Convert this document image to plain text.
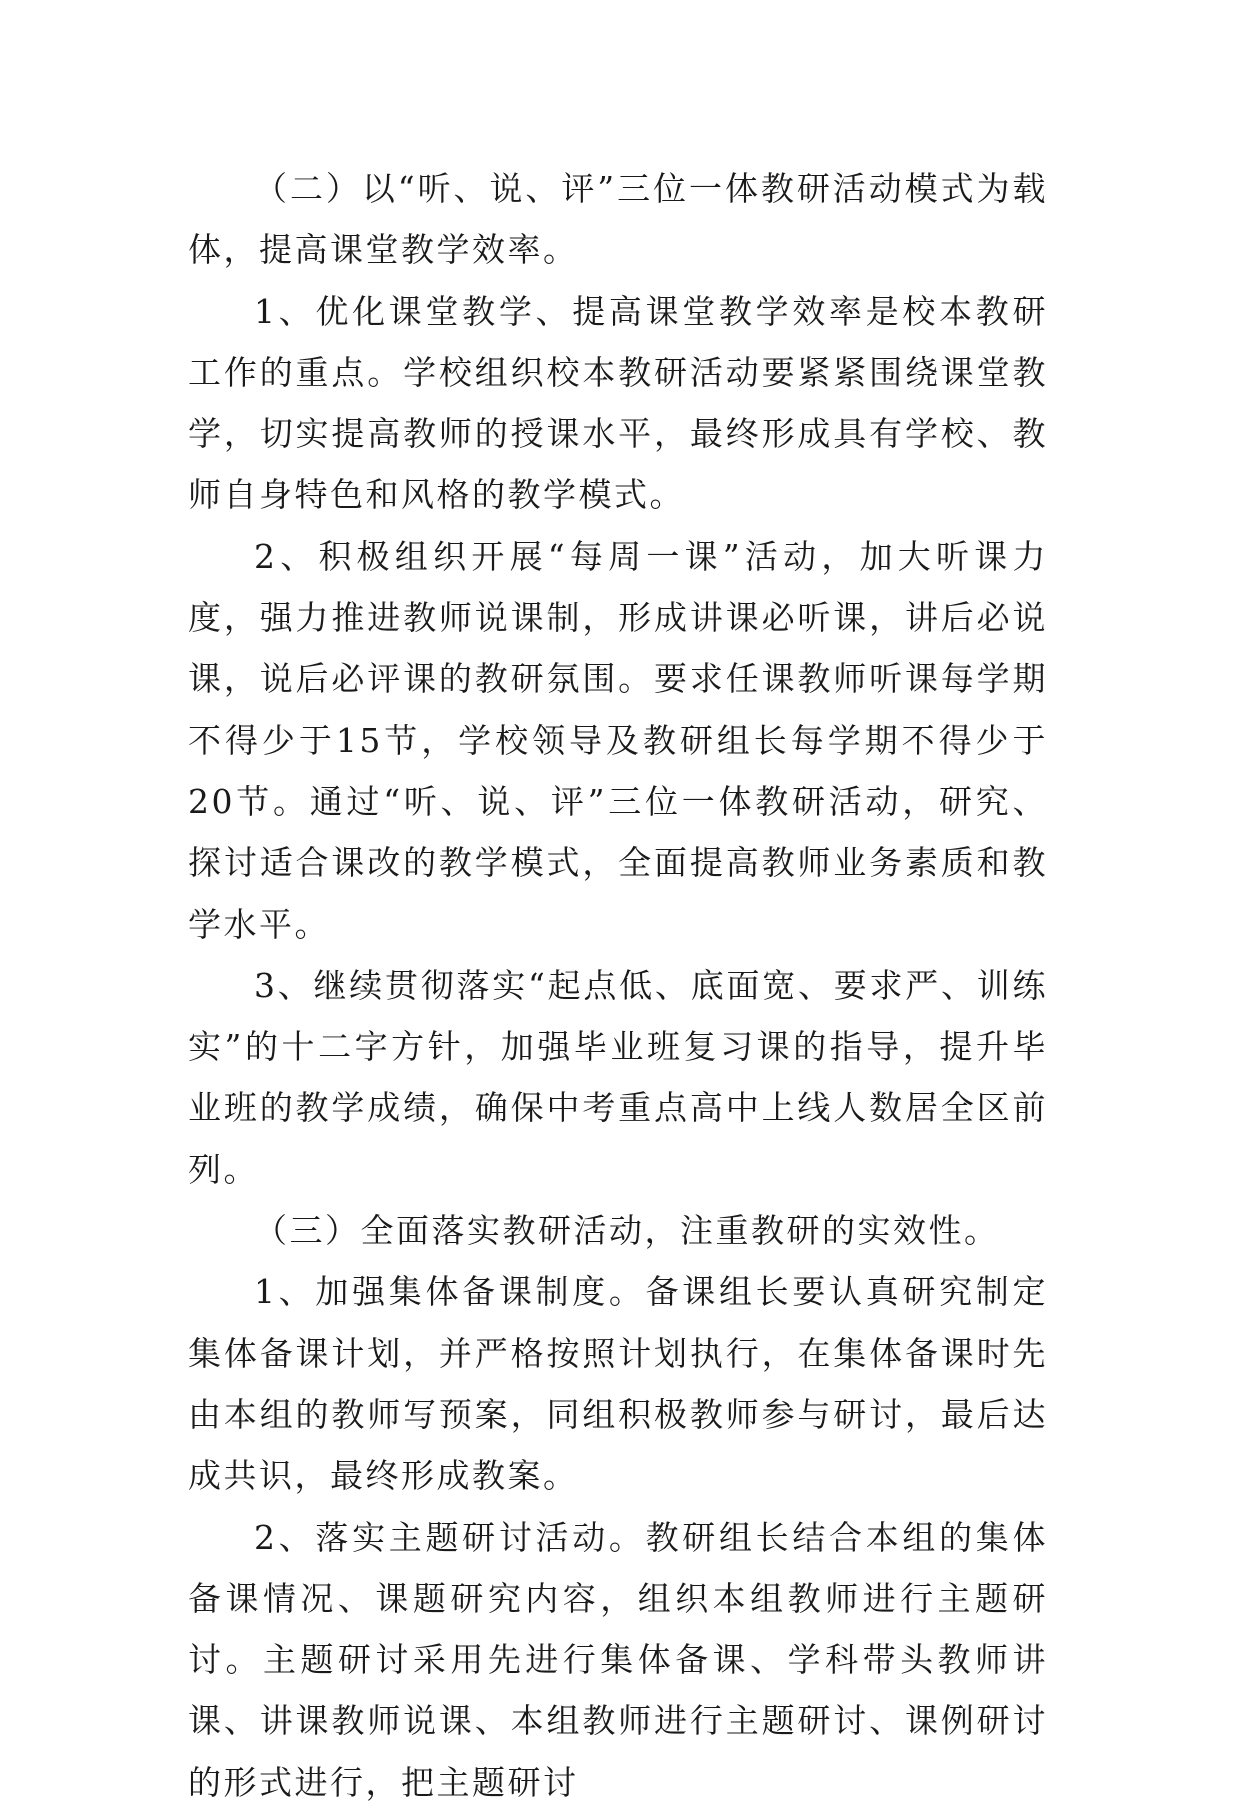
（二）以“听、说、评”三位一体教研活动模式为载体，提高课堂教学效率。

1、优化课堂教学、提高课堂教学效率是校本教研工作的重点。学校组织校本教研活动要紧紧围绕课堂教学，切实提高教师的授课水平，最终形成具有学校、教师自身特色和风格的教学模式。

2、积极组织开展“每周一课”活动，加大听课力度，强力推进教师说课制，形成讲课必听课，讲后必说课，说后必评课的教研氛围。要求任课教师听课每学期不得少于15节，学校领导及教研组长每学期不得少于20节。通过“听、说、评”三位一体教研活动，研究、探讨适合课改的教学模式，全面提高教师业务素质和教学水平。

3、继续贯彻落实“起点低、底面宽、要求严、训练实”的十二字方针，加强毕业班复习课的指导，提升毕业班的教学成绩，确保中考重点高中上线人数居全区前列。

（三）全面落实教研活动，注重教研的实效性。

1、加强集体备课制度。备课组长要认真研究制定集体备课计划，并严格按照计划执行，在集体备课时先由本组的教师写预案，同组积极教师参与研讨，最后达成共识，最终形成教案。

2、落实主题研讨活动。教研组长结合本组的集体备课情况、课题研究内容，组织本组教师进行主题研讨。主题研讨采用先进行集体备课、学科带头教师讲课、讲课教师说课、本组教师进行主题研讨、课例研讨的形式进行，把主题研讨
